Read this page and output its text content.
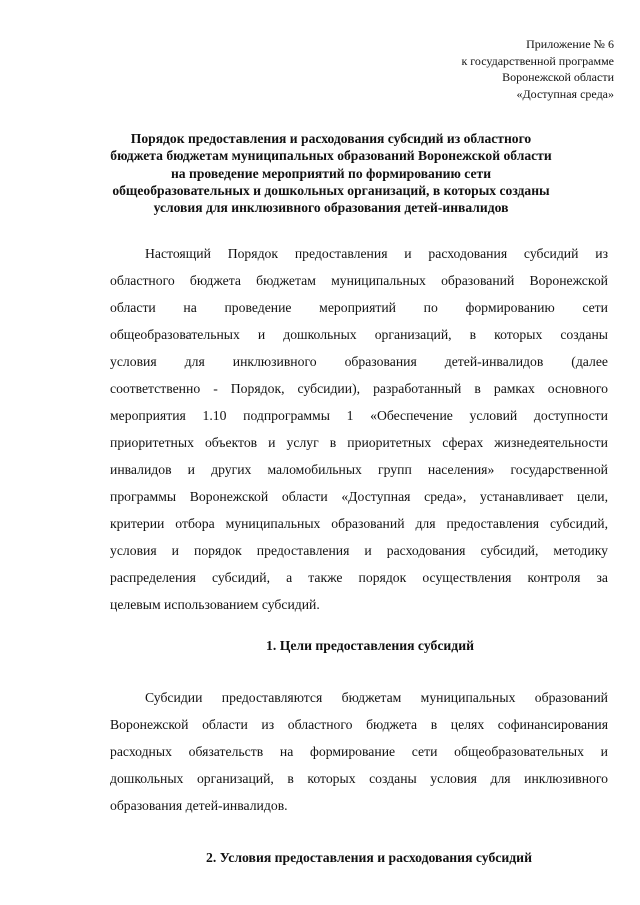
Приложение № 6
к государственной программе
Воронежской области
«Доступная среда»
Порядок предоставления и расходования субсидий из областного
бюджета бюджетам муниципальных образований Воронежской области
на проведение мероприятий по формированию сети
общеобразовательных и дошкольных организаций, в которых созданы
условия для инклюзивного образования детей-инвалидов
Настоящий Порядок предоставления и расходования субсидий из
областного бюджета бюджетам муниципальных образований Воронежской
области на проведение мероприятий по формированию сети
общеобразовательных и дошкольных организаций, в которых созданы
условия для инклюзивного образования детей-инвалидов (далее
соответственно - Порядок, субсидии), разработанный в рамках основного
мероприятия 1.10 подпрограммы 1 «Обеспечение условий доступности
приоритетных объектов и услуг в приоритетных сферах жизнедеятельности
инвалидов и других маломобильных групп населения» государственной
программы Воронежской области «Доступная среда», устанавливает цели,
критерии отбора муниципальных образований для предоставления субсидий,
условия и порядок предоставления и расходования субсидий, методику
распределения субсидий, а также порядок осуществления контроля за
целевым использованием субсидий.
1. Цели предоставления субсидий
Субсидии предоставляются бюджетам муниципальных образований
Воронежской области из областного бюджета в целях софинансирования
расходных обязательств на формирование сети общеобразовательных и
дошкольных организаций, в которых созданы условия для инклюзивного
образования детей-инвалидов.
2. Условия предоставления и расходования субсидий
